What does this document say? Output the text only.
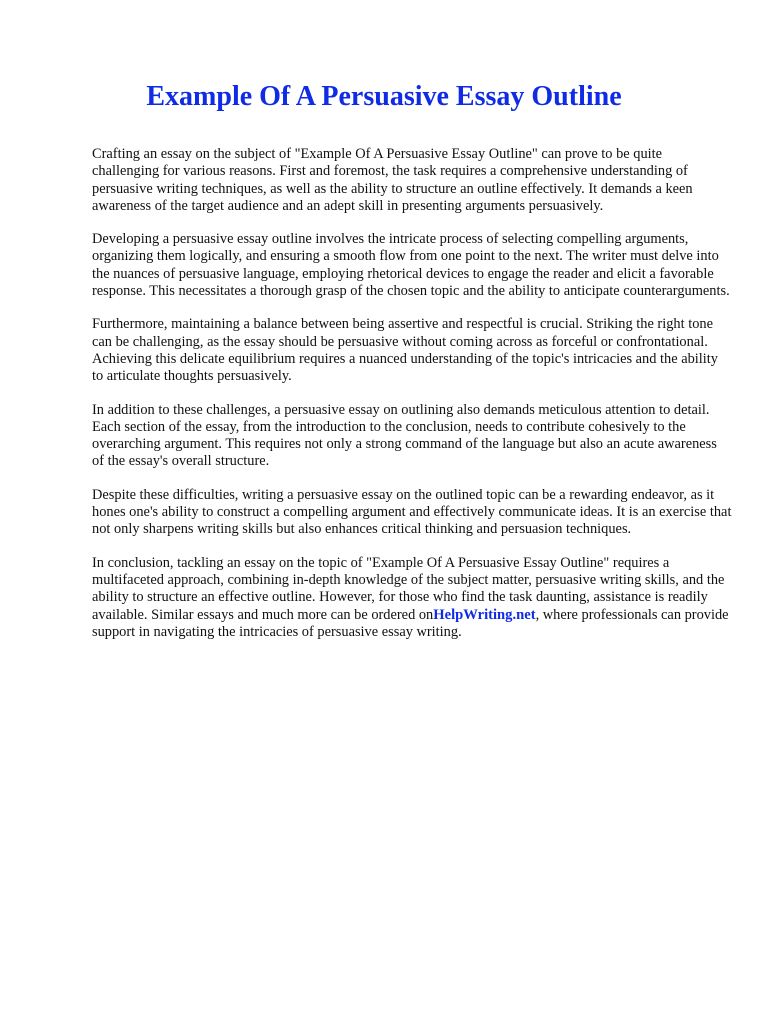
Example Of A Persuasive Essay Outline

Crafting an essay on the subject of "Example Of A Persuasive Essay Outline" can prove to be quite challenging for various reasons. First and foremost, the task requires a comprehensive understanding of persuasive writing techniques, as well as the ability to structure an outline effectively. It demands a keen awareness of the target audience and an adept skill in presenting arguments persuasively.

Developing a persuasive essay outline involves the intricate process of selecting compelling arguments, organizing them logically, and ensuring a smooth flow from one point to the next. The writer must delve into the nuances of persuasive language, employing rhetorical devices to engage the reader and elicit a favorable response. This necessitates a thorough grasp of the chosen topic and the ability to anticipate counterarguments.

Furthermore, maintaining a balance between being assertive and respectful is crucial. Striking the right tone can be challenging, as the essay should be persuasive without coming across as forceful or confrontational. Achieving this delicate equilibrium requires a nuanced understanding of the topic's intricacies and the ability to articulate thoughts persuasively.

In addition to these challenges, a persuasive essay on outlining also demands meticulous attention to detail. Each section of the essay, from the introduction to the conclusion, needs to contribute cohesively to the overarching argument. This requires not only a strong command of the language but also an acute awareness of the essay's overall structure.

Despite these difficulties, writing a persuasive essay on the outlined topic can be a rewarding endeavor, as it hones one's ability to construct a compelling argument and effectively communicate ideas. It is an exercise that not only sharpens writing skills but also enhances critical thinking and persuasion techniques.

In conclusion, tackling an essay on the topic of "Example Of A Persuasive Essay Outline" requires a multifaceted approach, combining in-depth knowledge of the subject matter, persuasive writing skills, and the ability to structure an effective outline. However, for those who find the task daunting, assistance is readily available. Similar essays and much more can be ordered onHelpWriting.net, where professionals can provide support in navigating the intricacies of persuasive essay writing.
